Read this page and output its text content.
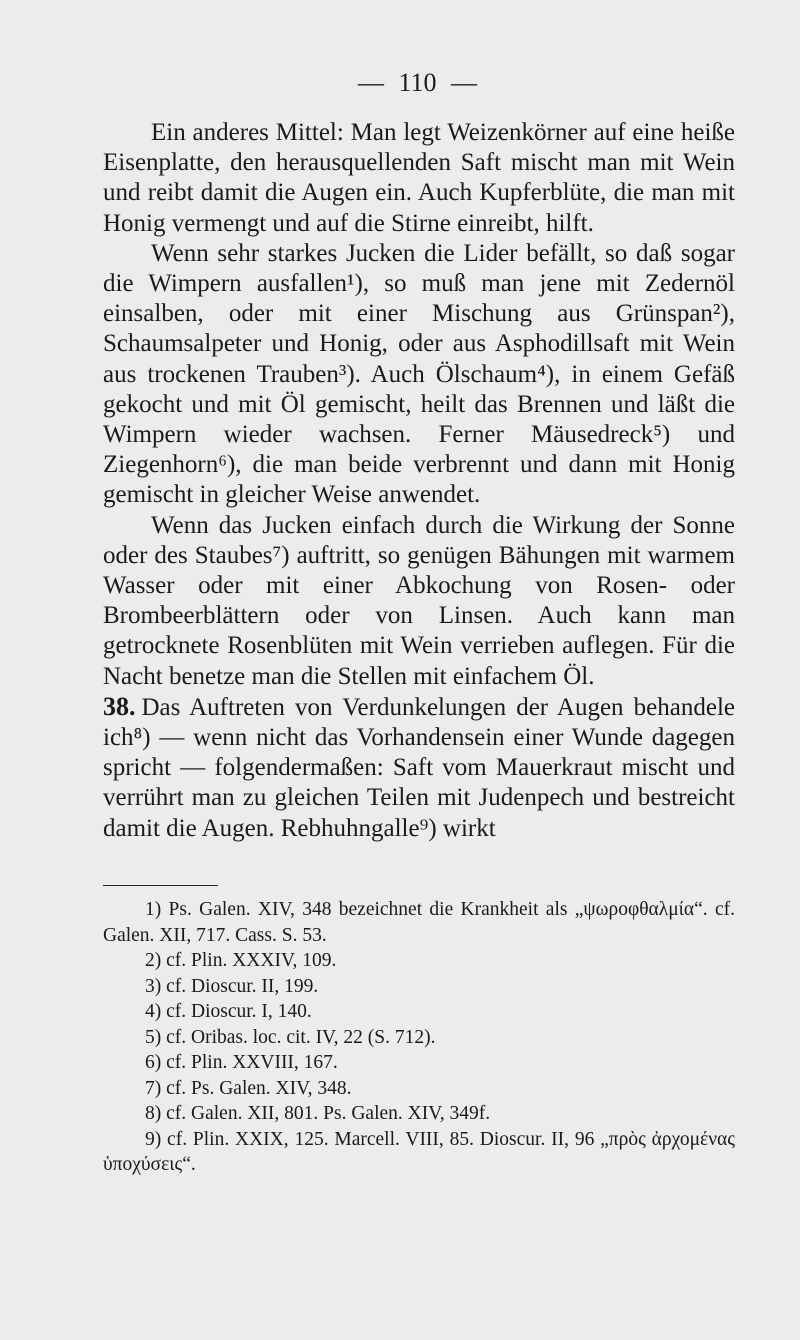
— 110 —

Ein anderes Mittel: Man legt Weizenkörner auf eine heiße Eisenplatte, den herausquellenden Saft mischt man mit Wein und reibt damit die Augen ein. Auch Kupferblüte, die man mit Honig vermengt und auf die Stirne einreibt, hilft.

Wenn sehr starkes Jucken die Lider befällt, so daß sogar die Wimpern ausfallen¹), so muß man jene mit Zedernöl einsalben, oder mit einer Mischung aus Grünspan²), Schaumsalpeter und Honig, oder aus Asphodillsaft mit Wein aus trockenen Trauben³). Auch Ölschaum⁴), in einem Gefäß gekocht und mit Öl gemischt, heilt das Brennen und läßt die Wimpern wieder wachsen. Ferner Mäusedreck⁵) und Ziegenhorn⁶), die man beide verbrennt und dann mit Honig gemischt in gleicher Weise anwendet.

Wenn das Jucken einfach durch die Wirkung der Sonne oder des Staubes⁷) auftritt, so genügen Bähungen mit warmem Wasser oder mit einer Abkochung von Rosen- oder Brombeerblättern oder von Linsen. Auch kann man getrocknete Rosenblüten mit Wein verrieben auflegen. Für die Nacht benetze man die Stellen mit einfachem Öl.

38. Das Auftreten von Verdunkelungen der Augen behandele ich⁸) — wenn nicht das Vorhandensein einer Wunde dagegen spricht — folgendermaßen: Saft vom Mauerkraut mischt und verrührt man zu gleichen Teilen mit Judenpech und bestreicht damit die Augen. Rebhuhngalle⁹) wirkt

1) Ps. Galen. XIV, 348 bezeichnet die Krankheit als „ψωροφθαλμία“. cf. Galen. XII, 717. Cass. S. 53.

2) cf. Plin. XXXIV, 109.

3) cf. Dioscur. II, 199.

4) cf. Dioscur. I, 140.

5) cf. Oribas. loc. cit. IV, 22 (S. 712).

6) cf. Plin. XXVIII, 167.

7) cf. Ps. Galen. XIV, 348.

8) cf. Galen. XII, 801. Ps. Galen. XIV, 349f.

9) cf. Plin. XXIX, 125. Marcell. VIII, 85. Dioscur. II, 96 „πρὸς ἀρχομένας ὑποχύσεις“.
